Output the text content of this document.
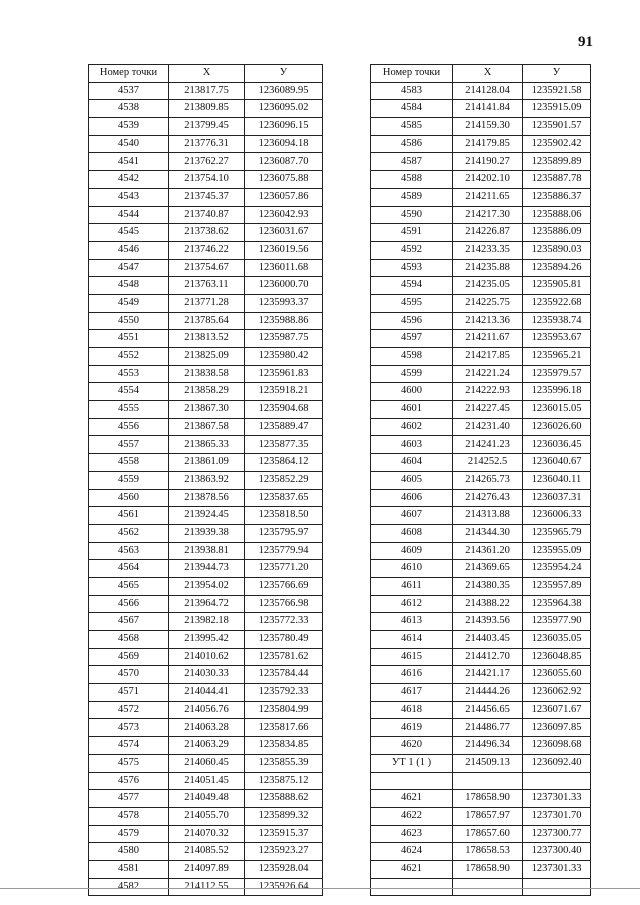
91
Номер точки	Х	У
4537	213817.75	1236089.95
4538	213809.85	1236095.02
4539	213799.45	1236096.15
4540	213776.31	1236094.18
4541	213762.27	1236087.70
4542	213754.10	1236075.88
4543	213745.37	1236057.86
4544	213740.87	1236042.93
4545	213738.62	1236031.67
4546	213746.22	1236019.56
4547	213754.67	1236011.68
4548	213763.11	1236000.70
4549	213771.28	1235993.37
4550	213785.64	1235988.86
4551	213813.52	1235987.75
4552	213825.09	1235980.42
4553	213838.58	1235961.83
4554	213858.29	1235918.21
4555	213867.30	1235904.68
4556	213867.58	1235889.47
4557	213865.33	1235877.35
4558	213861.09	1235864.12
4559	213863.92	1235852.29
4560	213878.56	1235837.65
4561	213924.45	1235818.50
4562	213939.38	1235795.97
4563	213938.81	1235779.94
4564	213944.73	1235771.20
4565	213954.02	1235766.69
4566	213964.72	1235766.98
4567	213982.18	1235772.33
4568	213995.42	1235780.49
4569	214010.62	1235781.62
4570	214030.33	1235784.44
4571	214044.41	1235792.33
4572	214056.76	1235804.99
4573	214063.28	1235817.66
4574	214063.29	1235834.85
4575	214060.45	1235855.39
4576	214051.45	1235875.12
4577	214049.48	1235888.62
4578	214055.70	1235899.32
4579	214070.32	1235915.37
4580	214085.52	1235923.27
4581	214097.89	1235928.04
4582	214112.55	1235926.64
Номер точки	Х	У
4583	214128.04	1235921.58
4584	214141.84	1235915.09
4585	214159.30	1235901.57
4586	214179.85	1235902.42
4587	214190.27	1235899.89
4588	214202.10	1235887.78
4589	214211.65	1235886.37
4590	214217.30	1235888.06
4591	214226.87	1235886.09
4592	214233.35	1235890.03
4593	214235.88	1235894.26
4594	214235.05	1235905.81
4595	214225.75	1235922.68
4596	214213.36	1235938.74
4597	214211.67	1235953.67
4598	214217.85	1235965.21
4599	214221.24	1235979.57
4600	214222.93	1235996.18
4601	214227.45	1236015.05
4602	214231.40	1236026.60
4603	214241.23	1236036.45
4604	214252.5	1236040.67
4605	214265.73	1236040.11
4606	214276.43	1236037.31
4607	214313.88	1236006.33
4608	214344.30	1235965.79
4609	214361.20	1235955.09
4610	214369.65	1235954.24
4611	214380.35	1235957.89
4612	214388.22	1235964.38
4613	214393.56	1235977.90
4614	214403.45	1236035.05
4615	214412.70	1236048.85
4616	214421.17	1236055.60
4617	214444.26	1236062.92
4618	214456.65	1236071.67
4619	214486.77	1236097.85
4620	214496.34	1236098.68
УТ 1 (1 )	214509.13	1236092.40

4621	178658.90	1237301.33
4622	178657.97	1237301.70
4623	178657.60	1237300.77
4624	178658.53	1237300.40
4621	178658.90	1237301.33
